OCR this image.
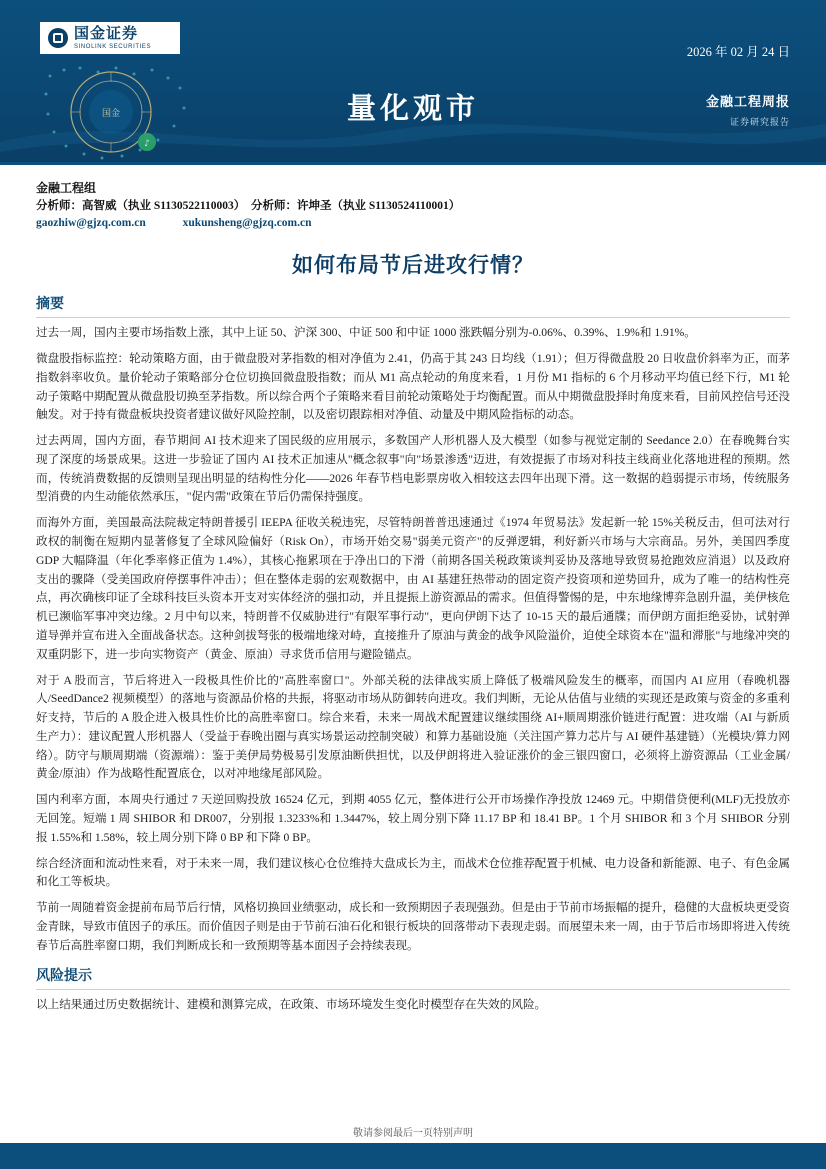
国金
♪
国金证券
SINOLINK SECURITIES	2026 年 02 月 24 日
量化观市	金融工程周报
证券研究报告
金融工程组
分析师：高智威（执业 S1130522110003）　分析师：许坤圣（执业 S1130524110001）
gaozhiw@gjzq.com.cn	xukunsheng@gjzq.com.cn
如何布局节后进攻行情？
摘要

过去一周，国内主要市场指数上涨，其中上证 50、沪深 300、中证 500 和中证 1000 涨跌幅分别为-0.06%、0.39%、1.9%和 1.91%。

微盘股指标监控：轮动策略方面，由于微盘股对茅指数的相对净值为 2.41，仍高于其 243 日均线（1.91）；但万得微盘股 20 日收盘价斜率为正，而茅指数斜率收负。量价轮动子策略部分仓位切换回微盘股指数；而从 M1 高点轮动的角度来看，1 月份 M1 指标的 6 个月移动平均值已经下行，M1 轮动子策略中期配置从微盘股切换至茅指数。所以综合两个子策略来看目前轮动策略处于均衡配置。而从中期微盘股择时角度来看，目前风控信号还没触发。对于持有微盘板块投资者建议做好风险控制，以及密切跟踪相对净值、动量及中期风险指标的动态。

过去两周，国内方面，春节期间 AI 技术迎来了国民级的应用展示，多数国产人形机器人及大模型（如参与视觉定制的 Seedance 2.0）在春晚舞台实现了深度的场景成果。这进一步验证了国内 AI 技术正加速从"概念叙事"向"场景渗透"迈进，有效提振了市场对科技主线商业化落地进程的预期。然而，传统消费数据的反馈则呈现出明显的结构性分化——2026 年春节档电影票房收入相较这去四年出现下滑。这一数据的趋弱提示市场，传统服务型消费的内生动能依然承压，"促内需"政策在节后仍需保持强度。

而海外方面，美国最高法院裁定特朗普援引 IEEPA 征收关税违宪，尽管特朗普普迅速通过《1974 年贸易法》发起新一轮 15%关税反击，但可法对行政权的制衡在短期内显著修复了全球风险偏好（Risk On），市场开始交易"弱美元资产"的反弹逻辑，利好新兴市场与大宗商品。另外，美国四季度 GDP 大幅降温（年化季率修正值为 1.4%），其核心拖累项在于净出口的下滑（前期各国关税政策谈判妥协及落地导致贸易抢跑效应消退）以及政府支出的骤降（受美国政府停摆事件冲击）；但在整体走弱的宏观数据中，由 AI 基建狂热带动的固定资产投资项和逆势回升，成为了唯一的结构性亮点，再次确核印证了全球科技巨头资本开支对实体经济的强扣动，并且提振上游资源品的需求。但值得警惕的是，中东地缘博弈急剧升温，美伊核危机已濒临军事冲突边缘。2 月中旬以来，特朗普不仅威胁进行"有限军事行动"，更向伊朗下达了 10-15 天的最后通牒；而伊朗方面拒绝妥协，试射弹道导弹并宣布进入全面战备状态。这种剑拔弩张的极端地缘对峙，直接推升了原油与黄金的战争风险溢价，迫使全球资本在"温和滞胀"与地缘冲突的双重阴影下，进一步向实物资产（黄金、原油）寻求货币信用与避险锚点。

对于 A 股而言，节后将进入一段极具性价比的"高胜率窗口"。外部关税的法律战实质上降低了极端风险发生的概率，而国内 AI 应用（春晚机器人/SeedDance2 视频模型）的落地与资源品价格的共振，将驱动市场从防御转向进攻。我们判断，无论从估值与业绩的实现还是政策与资金的多重利好支持，节后的 A 股企进入极具性价比的高胜率窗口。综合来看，未来一周战术配置建议继续围绕 AI+顺周期涨价链进行配置：进攻端（AI 与新质生产力）：建议配置人形机器人（受益于春晚出圈与真实场景运动控制突破）和算力基础设施（关注国产算力芯片与 AI 硬件基建链）（光模块/算力网络）。防守与顺周期端（资源端）：鉴于美伊局势极易引发原油断供担忧，以及伊朗将进入验证涨价的金三银四窗口，必须将上游资源品（工业金属/黄金/原油）作为战略性配置底仓，以对冲地缘尾部风险。

国内利率方面，本周央行通过 7 天逆回购投放 16524 亿元，到期 4055 亿元，整体进行公开市场操作净投放 12469 元。中期借贷便利(MLF)无投放亦无回笼。短端 1 周 SHIBOR 和 DR007，分别报 1.3233%和 1.3447%，较上周分别下降 11.17 BP 和 18.41 BP。1 个月 SHIBOR 和 3 个月 SHIBOR 分别报 1.55%和 1.58%，较上周分别下降 0 BP 和下降 0 BP。

综合经济面和流动性来看，对于未来一周，我们建议核心仓位维持大盘成长为主，而战术仓位推荐配置于机械、电力设备和新能源、电子、有色金属和化工等板块。

节前一周随着资金提前布局节后行情，风格切换回业绩驱动，成长和一致预期因子表现强劲。但是由于节前市场振幅的提升，稳健的大盘板块更受资金青睐，导致市值因子的承压。而价值因子则是由于节前石油石化和银行板块的回落带动下表现走弱。而展望未来一周，由于节后市场即将进入传统春节后高胜率窗口期，我们判断成长和一致预期等基本面因子会持续表现。

风险提示

以上结果通过历史数据统计、建模和测算完成，在政策、市场环境发生变化时模型存在失效的风险。

敬请参阅最后一页特别声明
